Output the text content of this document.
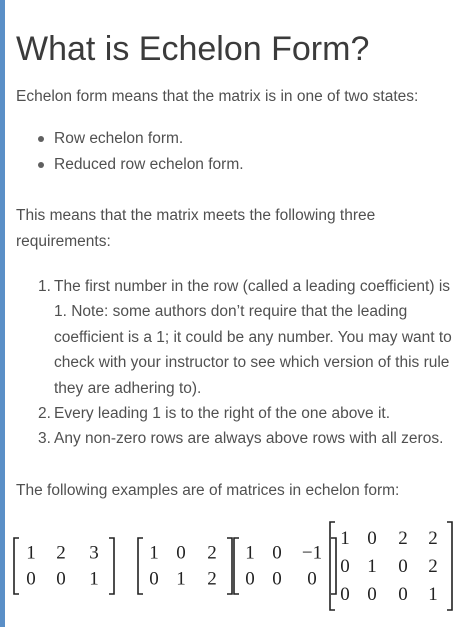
What is Echelon Form?

Echelon form means that the matrix is in one of two states:

Row echelon form.
Reduced row echelon form.

This means that the matrix meets the following three requirements:

1. The first number in the row (called a leading coefficient) is 1. Note: some authors don’t require that the leading coefficient is a 1; it could be any number. You may want to check with your instructor to see which version of this rule they are adhering to).
2. Every leading 1 is to the right of the one above it.
3. Any non-zero rows are always above rows with all zeros.

The following examples are of matrices in echelon form:

1 2 3
0 0 1
1 0 2
0 1 2
1 0 −1
0 0 0
1 0 2 2
0 1 0 2
0 0 0 1
